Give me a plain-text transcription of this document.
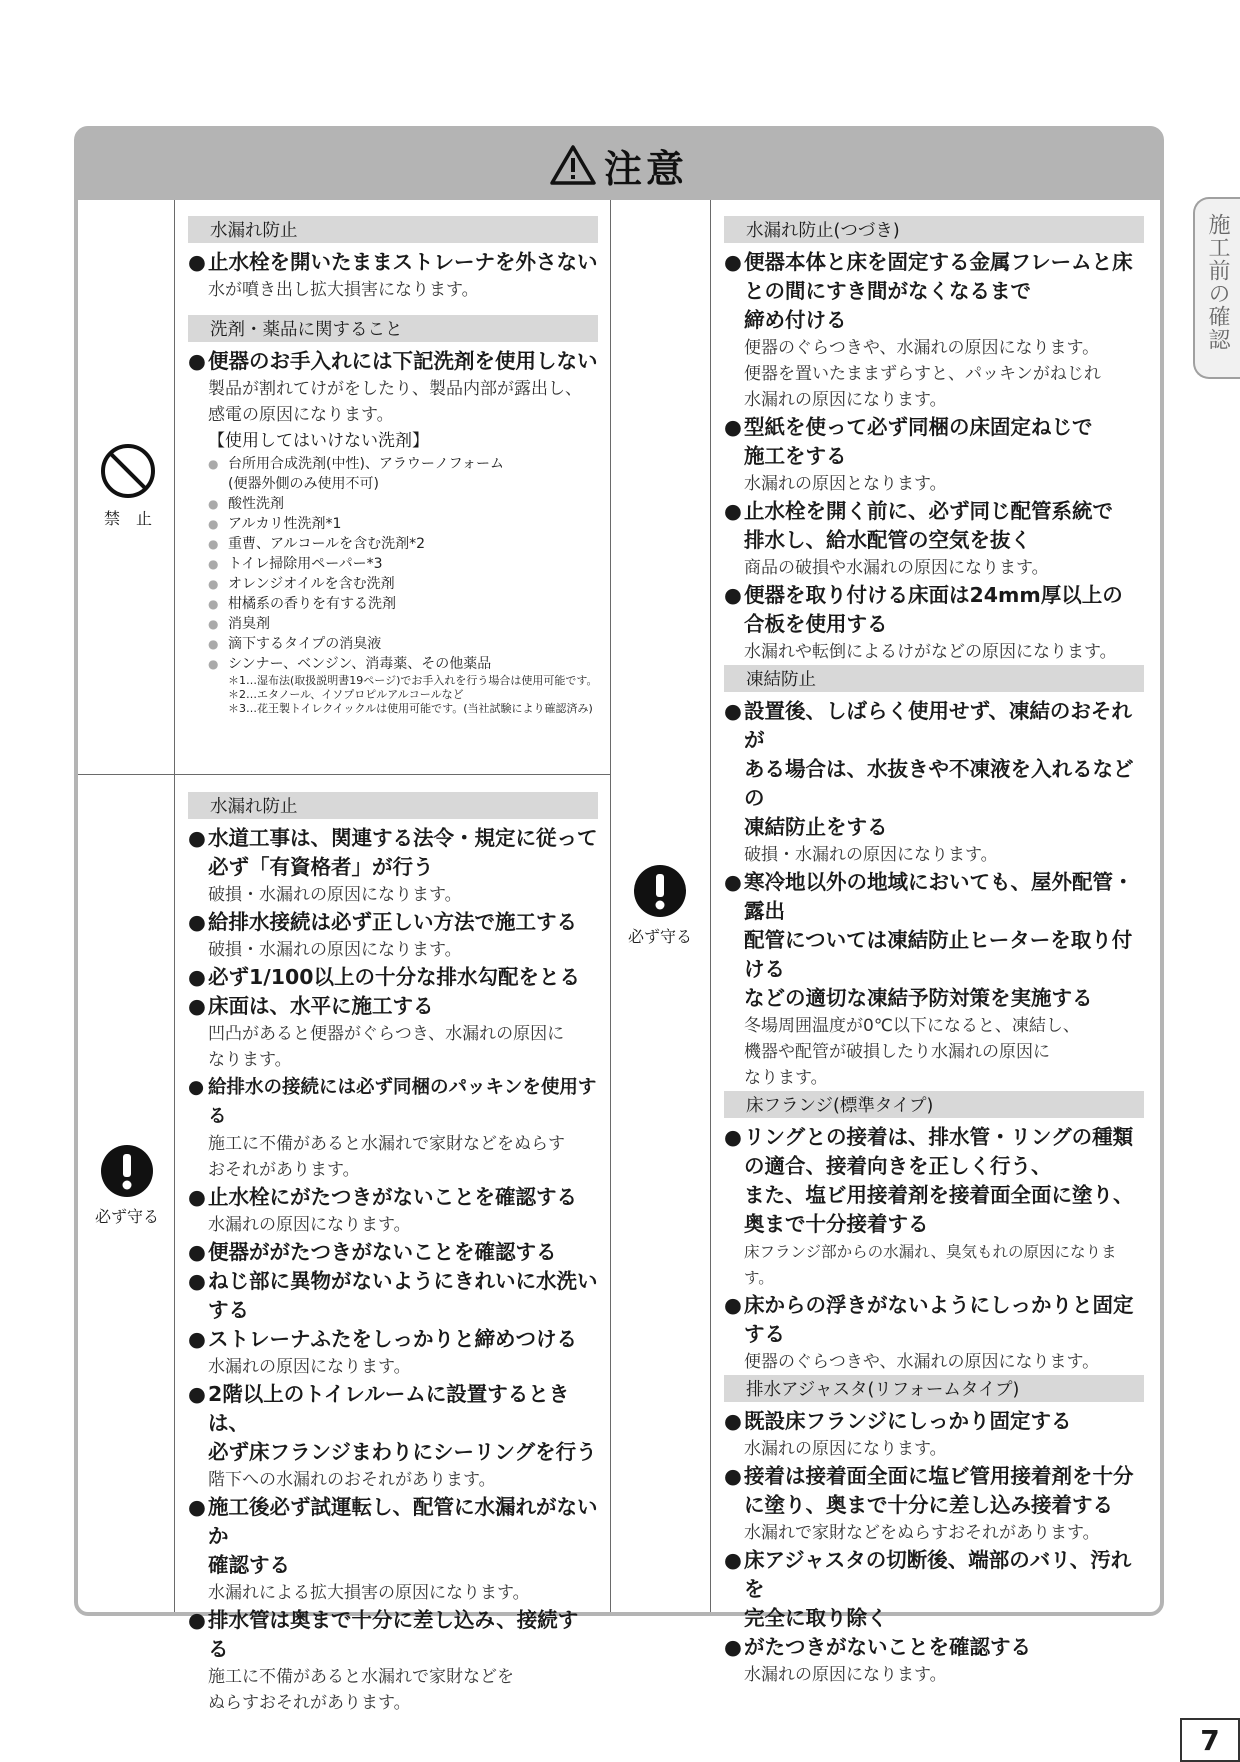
注意
禁　止
必ず守る
必ず守る
水漏れ防止
● 止水栓を開いたままストレーナを外さない
水が噴き出し拡大損害になります。
洗剤・薬品に関すること
● 便器のお手入れには下記洗剤を使用しない
製品が割れてけがをしたり、製品内部が露出し、
感電の原因になります。
【使用してはいけない洗剤】
● 台所用合成洗剤(中性)、アラウーノフォーム
(便器外側のみ使用不可)
● 酸性洗剤
● アルカリ性洗剤*1
● 重曹、アルコールを含む洗剤*2
● トイレ掃除用ペーパー*3
● オレンジオイルを含む洗剤
● 柑橘系の香りを有する洗剤
● 消臭剤
● 滴下するタイプの消臭液
● シンナー、ベンジン、消毒薬、その他薬品
＊1…湿布法(取扱説明書19ページ)でお手入れを行う場合は使用可能です。
＊2…エタノール、イソプロピルアルコールなど
＊3…花王製トイレクイックルは使用可能です。(当社試験により確認済み)
水漏れ防止
● 水道工事は、関連する法令・規定に従って
必ず「有資格者」が行う
破損・水漏れの原因になります。
● 給排水接続は必ず正しい方法で施工する
破損・水漏れの原因になります。
● 必ず1/100以上の十分な排水勾配をとる
● 床面は、水平に施工する
凹凸があると便器がぐらつき、水漏れの原因に
なります。
● 給排水の接続には必ず同梱のパッキンを使用する
施工に不備があると水漏れで家財などをぬらす
おそれがあります。
● 止水栓にがたつきがないことを確認する
水漏れの原因になります。
● 便器ががたつきがないことを確認する
● ねじ部に異物がないようにきれいに水洗いする
● ストレーナふたをしっかりと締めつける
水漏れの原因になります。
● 2階以上のトイレルームに設置するときは、
必ず床フランジまわりにシーリングを行う
階下への水漏れのおそれがあります。
● 施工後必ず試運転し、配管に水漏れがないか
確認する
水漏れによる拡大損害の原因になります。
● 排水管は奥まで十分に差し込み、接続する
施工に不備があると水漏れで家財などを
ぬらすおそれがあります。
水漏れ防止(つづき)
● 便器本体と床を固定する金属フレームと床
との間にすき間がなくなるまで
締め付ける
便器のぐらつきや、水漏れの原因になります。
便器を置いたままずらすと、パッキンがねじれ
水漏れの原因になります。
● 型紙を使って必ず同梱の床固定ねじで
施工をする
水漏れの原因となります。
● 止水栓を開く前に、必ず同じ配管系統で
排水し、給水配管の空気を抜く
商品の破損や水漏れの原因になります。
● 便器を取り付ける床面は24mm厚以上の
合板を使用する
水漏れや転倒によるけがなどの原因になります。
凍結防止
● 設置後、しばらく使用せず、凍結のおそれが
ある場合は、水抜きや不凍液を入れるなどの
凍結防止をする
破損・水漏れの原因になります。
● 寒冷地以外の地域においても、屋外配管・露出
配管については凍結防止ヒーターを取り付ける
などの適切な凍結予防対策を実施する
冬場周囲温度が0℃以下になると、凍結し、
機器や配管が破損したり水漏れの原因に
なります。
床フランジ(標準タイプ)
● リングとの接着は、排水管・リングの種類
の適合、接着向きを正しく行う、
また、塩ビ用接着剤を接着面全面に塗り、
奥まで十分接着する
床フランジ部からの水漏れ、臭気もれの原因になります。
● 床からの浮きがないようにしっかりと固定する
便器のぐらつきや、水漏れの原因になります。
排水アジャスタ(リフォームタイプ)
● 既設床フランジにしっかり固定する
水漏れの原因になります。
● 接着は接着面全面に塩ビ管用接着剤を十分
に塗り、奥まで十分に差し込み接着する
水漏れで家財などをぬらすおそれがあります。
● 床アジャスタの切断後、端部のバリ、汚れを
完全に取り除く
● がたつきがないことを確認する
水漏れの原因になります。
施工前の確認
7
